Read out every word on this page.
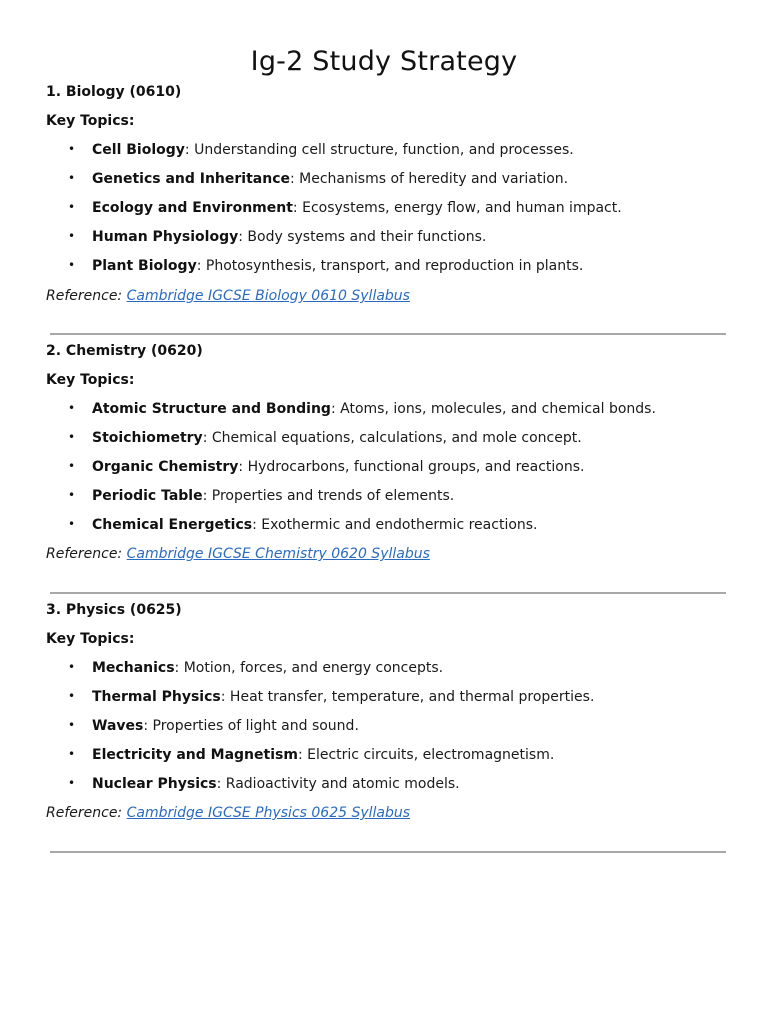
Ig-2 Study Strategy
1. Biology (0610)
Key Topics:
• Cell Biology: Understanding cell structure, function, and processes.
• Genetics and Inheritance: Mechanisms of heredity and variation.
• Ecology and Environment: Ecosystems, energy flow, and human impact.
• Human Physiology: Body systems and their functions.
• Plant Biology: Photosynthesis, transport, and reproduction in plants.
Reference: Cambridge IGCSE Biology 0610 Syllabus
2. Chemistry (0620)
Key Topics:
• Atomic Structure and Bonding: Atoms, ions, molecules, and chemical bonds.
• Stoichiometry: Chemical equations, calculations, and mole concept.
• Organic Chemistry: Hydrocarbons, functional groups, and reactions.
• Periodic Table: Properties and trends of elements.
• Chemical Energetics: Exothermic and endothermic reactions.
Reference: Cambridge IGCSE Chemistry 0620 Syllabus
3. Physics (0625)
Key Topics:
• Mechanics: Motion, forces, and energy concepts.
• Thermal Physics: Heat transfer, temperature, and thermal properties.
• Waves: Properties of light and sound.
• Electricity and Magnetism: Electric circuits, electromagnetism.
• Nuclear Physics: Radioactivity and atomic models.
Reference: Cambridge IGCSE Physics 0625 Syllabus
